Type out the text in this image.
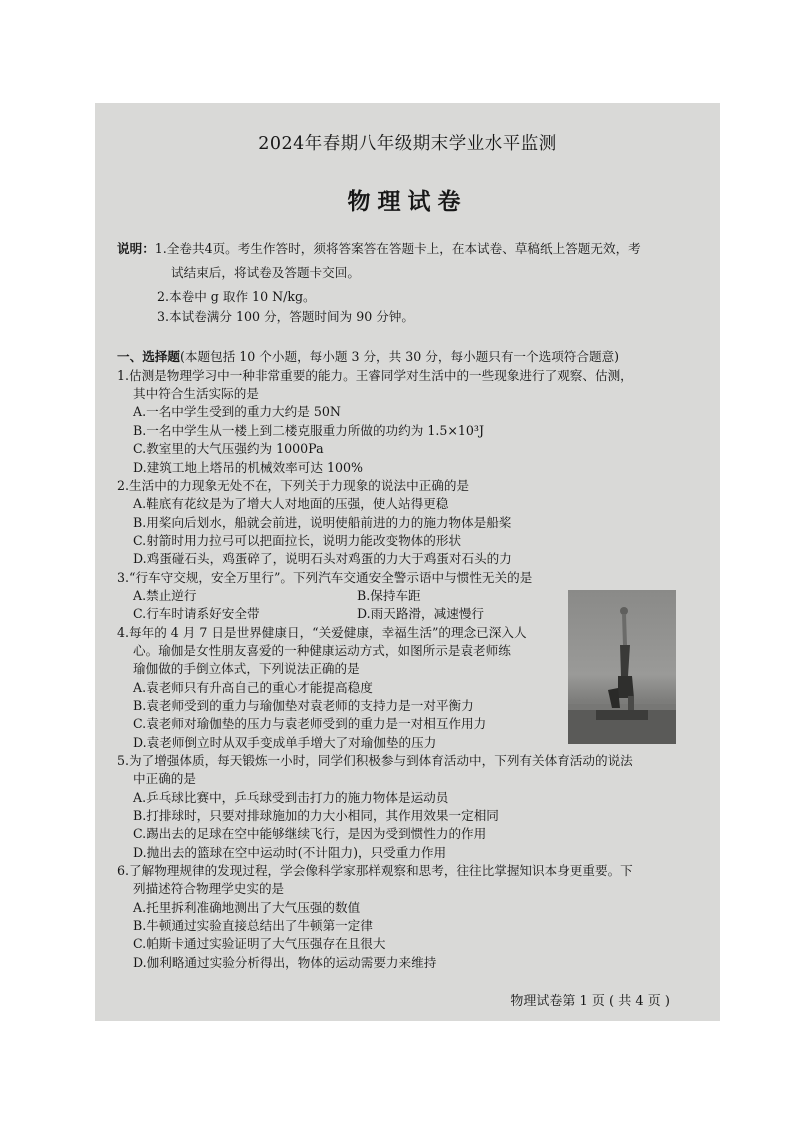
2024年春期八年级期末学业水平监测
物理试卷
说明：1.全卷共4页。考生作答时，须将答案答在答题卡上，在本试卷、草稿纸上答题无效，考
试结束后，将试卷及答题卡交回。
2.本卷中 g 取作 10 N/kg。
3.本试卷满分 100 分，答题时间为 90 分钟。
一、选择题(本题包括 10 个小题，每小题 3 分，共 30 分，每小题只有一个选项符合题意)
1.估测是物理学习中一种非常重要的能力。王睿同学对生活中的一些现象进行了观察、估测，
其中符合生活实际的是
A.一名中学生受到的重力大约是 50N
B.一名中学生从一楼上到二楼克服重力所做的功约为 1.5×10³J
C.教室里的大气压强约为 1000Pa
D.建筑工地上塔吊的机械效率可达 100%
2.生活中的力现象无处不在，下列关于力现象的说法中正确的是
A.鞋底有花纹是为了增大人对地面的压强，使人站得更稳
B.用桨向后划水，船就会前进，说明使船前进的力的施力物体是船桨
C.射箭时用力拉弓可以把面拉长，说明力能改变物体的形状
D.鸡蛋碰石头，鸡蛋碎了，说明石头对鸡蛋的力大于鸡蛋对石头的力
3.“行车守交规，安全万里行”。下列汽车交通安全警示语中与惯性无关的是
A.禁止逆行	B.保持车距
C.行车时请系好安全带	D.雨天路滑，减速慢行
4.每年的 4 月 7 日是世界健康日，“关爱健康，幸福生活”的理念已深入人
心。瑜伽是女性朋友喜爱的一种健康运动方式，如图所示是袁老师练
瑜伽做的手倒立体式，下列说法正确的是
A.袁老师只有升高自己的重心才能提高稳度
B.袁老师受到的重力与瑜伽垫对袁老师的支持力是一对平衡力
C.袁老师对瑜伽垫的压力与袁老师受到的重力是一对相互作用力
D.袁老师倒立时从双手变成单手增大了对瑜伽垫的压力
5.为了增强体质，每天锻炼一小时，同学们积极参与到体育活动中，下列有关体育活动的说法
中正确的是
A.乒乓球比赛中，乒乓球受到击打力的施力物体是运动员
B.打排球时，只要对排球施加的力大小相同，其作用效果一定相同
C.踢出去的足球在空中能够继续飞行，是因为受到惯性力的作用
D.抛出去的篮球在空中运动时(不计阻力)，只受重力作用
6.了解物理规律的发现过程，学会像科学家那样观察和思考，往往比掌握知识本身更重要。下
列描述符合物理学史实的是
A.托里拆利准确地测出了大气压强的数值
B.牛顿通过实验直接总结出了牛顿第一定律
C.帕斯卡通过实验证明了大气压强存在且很大
D.伽利略通过实验分析得出，物体的运动需要力来维持
物理试卷第 1 页 ( 共 4 页 )
